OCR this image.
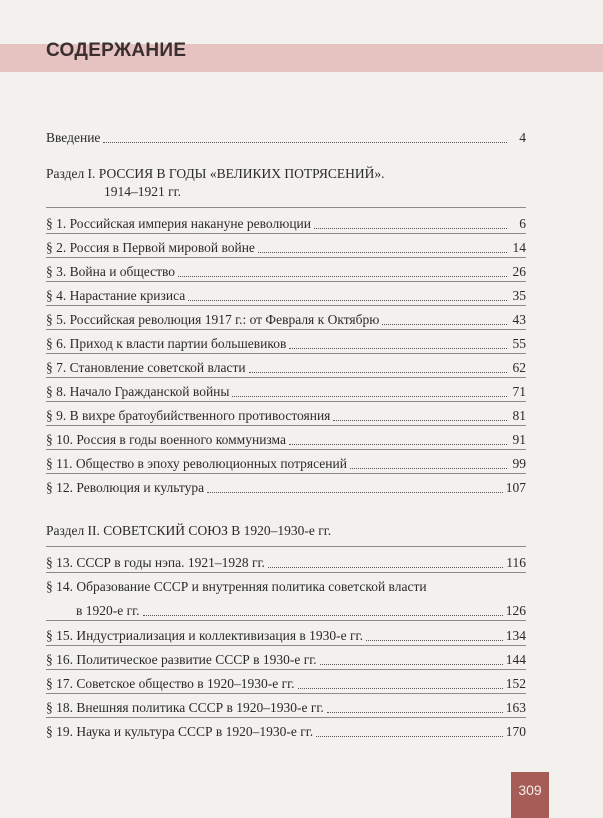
СОДЕРЖАНИЕ
Введение	4
Раздел I. РОССИЯ В ГОДЫ «ВЕЛИКИХ ПОТРЯСЕНИЙ».
1914–1921 гг.
§ 1. Российская империя накануне революции	6
§ 2. Россия в Первой мировой войне	14
§ 3. Война и общество	26
§ 4. Нарастание кризиса	35
§ 5. Российская революция 1917 г.: от Февраля к Октябрю	43
§ 6. Приход к власти партии большевиков	55
§ 7. Становление советской власти	62
§ 8. Начало Гражданской войны	71
§ 9. В вихре братоубийственного противостояния	81
§ 10. Россия в годы военного коммунизма	91
§ 11. Общество в эпоху революционных потрясений	99
§ 12. Революция и культура	107
Раздел II. СОВЕТСКИЙ СОЮЗ В 1920–1930-е гг.
§ 13. СССР в годы нэпа. 1921–1928 гг.	116
§ 14. Образование СССР и внутренняя политика советской власти
в 1920-е гг.	126
§ 15. Индустриализация и коллективизация в 1930-е гг.	134
§ 16. Политическое развитие СССР в 1930-е гг.	144
§ 17. Советское общество в 1920–1930-е гг.	152
§ 18. Внешняя политика СССР в 1920–1930-е гг.	163
§ 19. Наука и культура СССР в 1920–1930-е гг.	170
309
